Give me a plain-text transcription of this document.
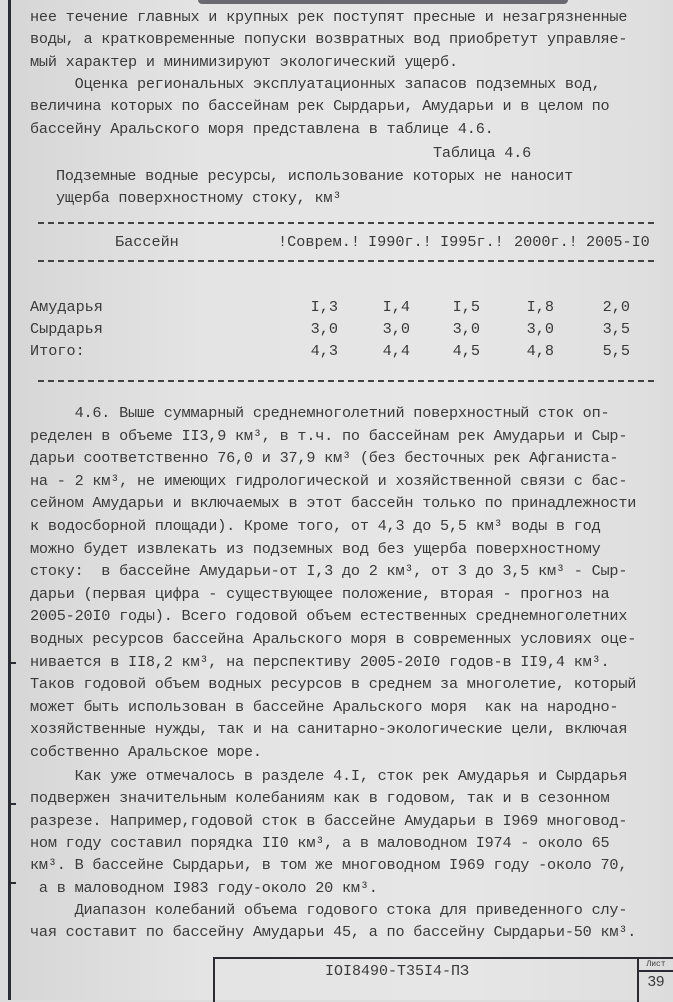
нее течение главных и крупных рек поступят пресные и незагрязненные
воды, а кратковременные попуски возвратных вод приобретут управляе-
мый характер и минимизируют экологический ущерб.
Оценка региональных эксплуатационных запасов подземных вод,
величина которых по бассейнам рек Сырдарьи, Амударьи и в целом по
бассейну Аральского моря представлена в таблице 4.6.
Таблица 4.6
Подземные водные ресурсы, использование которых не наносит
ущерба поверхностному стоку, км³
Бассейн	!Соврем.! I990г.! I995г.! 2000г.! 2005-I0
Амударья	I,3	I,4	I,5	I,8	2,0
Сырдарья	3,0	3,0	3,0	3,0	3,5
Итого:	4,3	4,4	4,5	4,8	5,5
4.6. Выше суммарный среднемноголетний поверхностный сток оп-
ределен в объеме II3,9 км³, в т.ч. по бассейнам рек Амударьи и Сыр-
дарьи соответственно 76,0 и 37,9 км³ (без бесточных рек Афганиста-
на - 2 км³, не имеющих гидрологической и хозяйственной связи с бас-
сейном Амударьи и включаемых в этот бассейн только по принадлежности
к водосборной площади). Кроме того, от 4,3 до 5,5 км³ воды в год
можно будет извлекать из подземных вод без ущерба поверхностному
стоку:  в бассейне Амударьи-от I,3 до 2 км³, от 3 до 3,5 км³ - Сыр-
дарьи (первая цифра - существующее положение, вторая - прогноз на
2005-20I0 годы). Всего годовой объем естественных среднемноголетних
водных ресурсов бассейна Аральского моря в современных условиях оце-
нивается в II8,2 км³, на перспективу 2005-20I0 годов-в II9,4 км³.
Таков годовой объем водных ресурсов в среднем за многолетие, который
может быть использован в бассейне Аральского моря  как на народно-
хозяйственные нужды, так и на санитарно-экологические цели, включая
собственно Аральское море.
Как уже отмечалось в разделе 4.I, сток рек Амударья и Сырдарья
подвержен значительным колебаниям как в годовом, так и в сезонном
разрезе. Например,годовой сток в бассейне Амударьи в I969 многовод-
ном году составил порядка II0 км³, а в маловодном I974 - около 65
км³. В бассейне Сырдарьи, в том же многоводном I969 году -около 70,
а в маловодном I983 году-около 20 км³.
Диапазон колебаний объема годового стока для приведенного слу-
чая составит по бассейну Амударьи 45, а по бассейну Сырдарьи-50 км³.
IOI8490-Т35I4-ПЗ	Лист
39
